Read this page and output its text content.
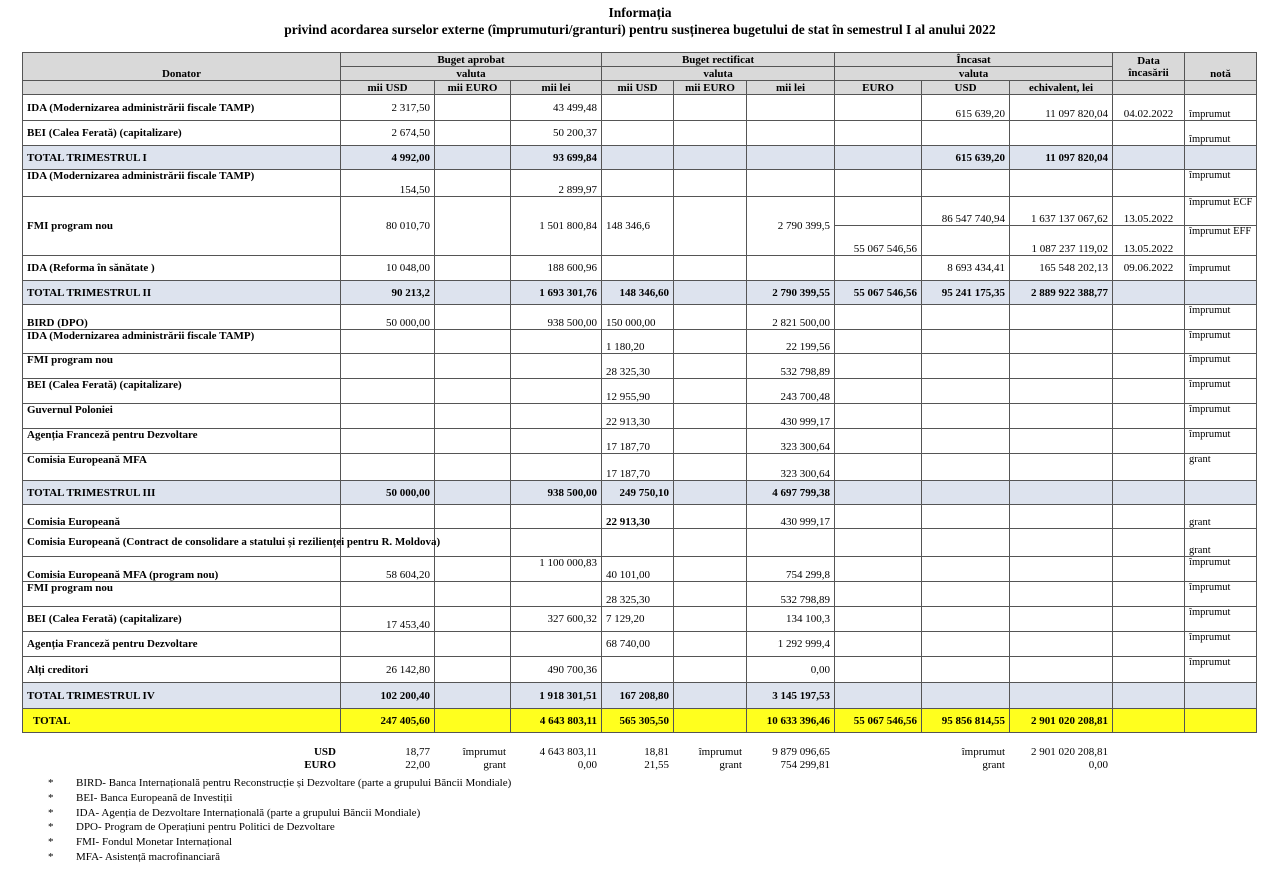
Informația
privind acordarea surselor externe (împrumuturi/granturi) pentru susținerea bugetului de stat în semestrul I al anului 2022
Donator	Buget aprobat			Buget rectificat			Încasat			Data încasării	notă
	valuta			valuta			valuta				
	mii USD	mii EURO	mii lei	mii USD	mii EURO	mii lei	EURO	USD	echivalent, lei		
IDA (Modernizarea administrării fiscale TAMP)	2 317,50		43 499,48					615 639,20	11 097 820,04	04.02.2022	împrumut
BEI (Calea Ferată) (capitalizare)	2 674,50		50 200,37								împrumut
TOTAL TRIMESTRUL I	4 992,00		93 699,84					615 639,20	11 097 820,04		
IDA (Modernizarea administrării fiscale TAMP)	154,50		2 899,97								împrumut
FMI program nou	80 010,70		1 501 800,84	148 346,6		2 790 399,5		86 547 740,94	1 637 137 067,62	13.05.2022	împrumut ECF
							55 067 546,56		1 087 237 119,02	13.05.2022	împrumut EFF
IDA (Reforma în sănătate )	10 048,00		188 600,96					8 693 434,41	165 548 202,13	09.06.2022	împrumut
TOTAL TRIMESTRUL II	90 213,2		1 693 301,76	148 346,60		2 790 399,55	55 067 546,56	95 241 175,35	2 889 922 388,77		
BIRD (DPO)	50 000,00		938 500,00	150 000,00		2 821 500,00					împrumut
IDA (Modernizarea administrării fiscale TAMP)				1 180,20		22 199,56					împrumut
FMI program nou				28 325,30		532 798,89					împrumut
BEI (Calea Ferată) (capitalizare)				12 955,90		243 700,48					împrumut
Guvernul Poloniei				22 913,30		430 999,17					împrumut
Agenția Franceză pentru Dezvoltare				17 187,70		323 300,64					împrumut
Comisia Europeană MFA				17 187,70		323 300,64					grant
TOTAL TRIMESTRUL III	50 000,00		938 500,00	249 750,10		4 697 799,38					
Comisia Europeană				22 913,30		430 999,17					grant
Comisia Europeană (Contract de consolidare a statului și rezilienței pentru R. Moldova)											grant
Comisia Europeană MFA (program nou)	58 604,20		1 100 000,83	40 101,00		754 299,8					împrumut
FMI program nou				28 325,30		532 798,89					împrumut
BEI (Calea Ferată) (capitalizare)	17 453,40		327 600,32	7 129,20		134 100,3					împrumut
Agenția Franceză pentru Dezvoltare				68 740,00		1 292 999,4					împrumut
Alți creditori	26 142,80		490 700,36			0,00					împrumut
TOTAL TRIMESTRUL IV	102 200,40		1 918 301,51	167 208,80		3 145 197,53					
TOTAL	247 405,60		4 643 803,11	565 305,50		10 633 396,46	55 067 546,56	95 856 814,55	2 901 020 208,81		
USD	18,77	împrumut	4 643 803,11	18,81	împrumut	9 879 096,65		împrumut	2 901 020 208,81		
EURO	22,00	grant	0,00	21,55	grant	754 299,81		grant	0,00		
*	BIRD- Banca Internațională pentru Reconstrucție și Dezvoltare (parte a grupului Băncii Mondiale)
*	BEI- Banca Europeană de Investiții
*	IDA- Agenția de Dezvoltare Internațională (parte a grupului Băncii Mondiale)
*	DPO- Program de Operațiuni pentru Politici de Dezvoltare
*	FMI- Fondul Monetar Internațional
*	MFA- Asistență macrofinanciară
